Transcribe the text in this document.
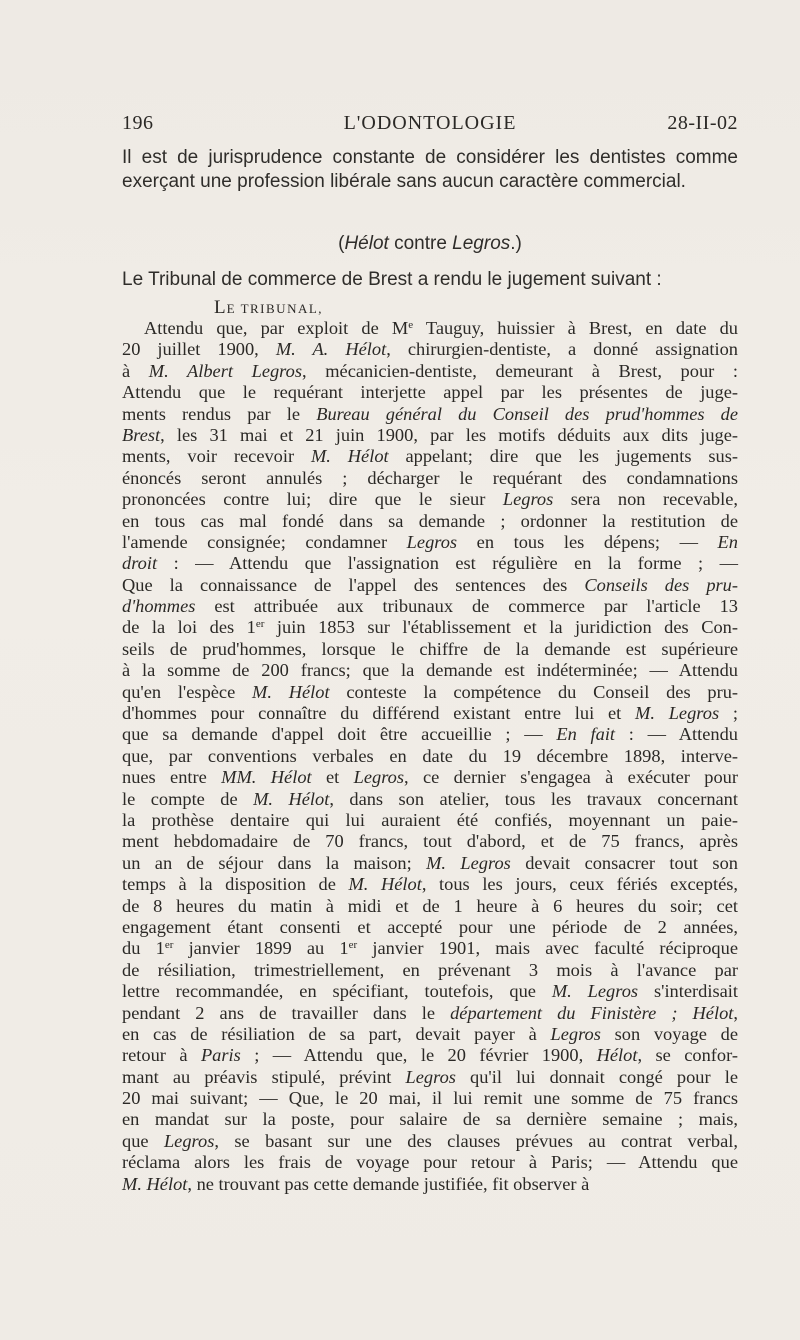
196	L'ODONTOLOGIE	28-II-02
Il est de jurisprudence constante de considérer les dentistes comme exerçant une profession libérale sans aucun caractère commercial.
(Hélot contre Legros.)
Le Tribunal de commerce de Brest a rendu le jugement suivant :
LE TRIBUNAL,
Attendu que, par exploit de Me Tauguy, huissier à Brest, en date du
20 juillet 1900, M. A. Hélot, chirurgien-dentiste, a donné assignation
à M. Albert Legros, mécanicien-dentiste, demeurant à Brest, pour :
Attendu que le requérant interjette appel par les présentes de juge-
ments rendus par le Bureau général du Conseil des prud'hommes de
Brest, les 31 mai et 21 juin 1900, par les motifs déduits aux dits juge-
ments, voir recevoir M. Hélot appelant; dire que les jugements sus-
énoncés seront annulés ; décharger le requérant des condamnations
prononcées contre lui; dire que le sieur Legros sera non recevable,
en tous cas mal fondé dans sa demande ; ordonner la restitution de
l'amende consignée; condamner Legros en tous les dépens; — En
droit : — Attendu que l'assignation est régulière en la forme ; —
Que la connaissance de l'appel des sentences des Conseils des pru-
d'hommes est attribuée aux tribunaux de commerce par l'article 13
de la loi des 1er juin 1853 sur l'établissement et la juridiction des Con-
seils de prud'hommes, lorsque le chiffre de la demande est supérieure
à la somme de 200 francs; que la demande est indéterminée; — Attendu
qu'en l'espèce M. Hélot conteste la compétence du Conseil des pru-
d'hommes pour connaître du différend existant entre lui et M. Legros ;
que sa demande d'appel doit être accueillie ; — En fait : — Attendu
que, par conventions verbales en date du 19 décembre 1898, interve-
nues entre MM. Hélot et Legros, ce dernier s'engagea à exécuter pour
le compte de M. Hélot, dans son atelier, tous les travaux concernant
la prothèse dentaire qui lui auraient été confiés, moyennant un paie-
ment hebdomadaire de 70 francs, tout d'abord, et de 75 francs, après
un an de séjour dans la maison; M. Legros devait consacrer tout son
temps à la disposition de M. Hélot, tous les jours, ceux fériés exceptés,
de 8 heures du matin à midi et de 1 heure à 6 heures du soir; cet
engagement étant consenti et accepté pour une période de 2 années,
du 1er janvier 1899 au 1er janvier 1901, mais avec faculté réciproque
de résiliation, trimestriellement, en prévenant 3 mois à l'avance par
lettre recommandée, en spécifiant, toutefois, que M. Legros s'interdisait
pendant 2 ans de travailler dans le département du Finistère ; Hélot,
en cas de résiliation de sa part, devait payer à Legros son voyage de
retour à Paris ; — Attendu que, le 20 février 1900, Hélot, se confor-
mant au préavis stipulé, prévint Legros qu'il lui donnait congé pour le
20 mai suivant; — Que, le 20 mai, il lui remit une somme de 75 francs
en mandat sur la poste, pour salaire de sa dernière semaine ; mais,
que Legros, se basant sur une des clauses prévues au contrat verbal,
réclama alors les frais de voyage pour retour à Paris; — Attendu que
M. Hélot, ne trouvant pas cette demande justifiée, fit observer à
